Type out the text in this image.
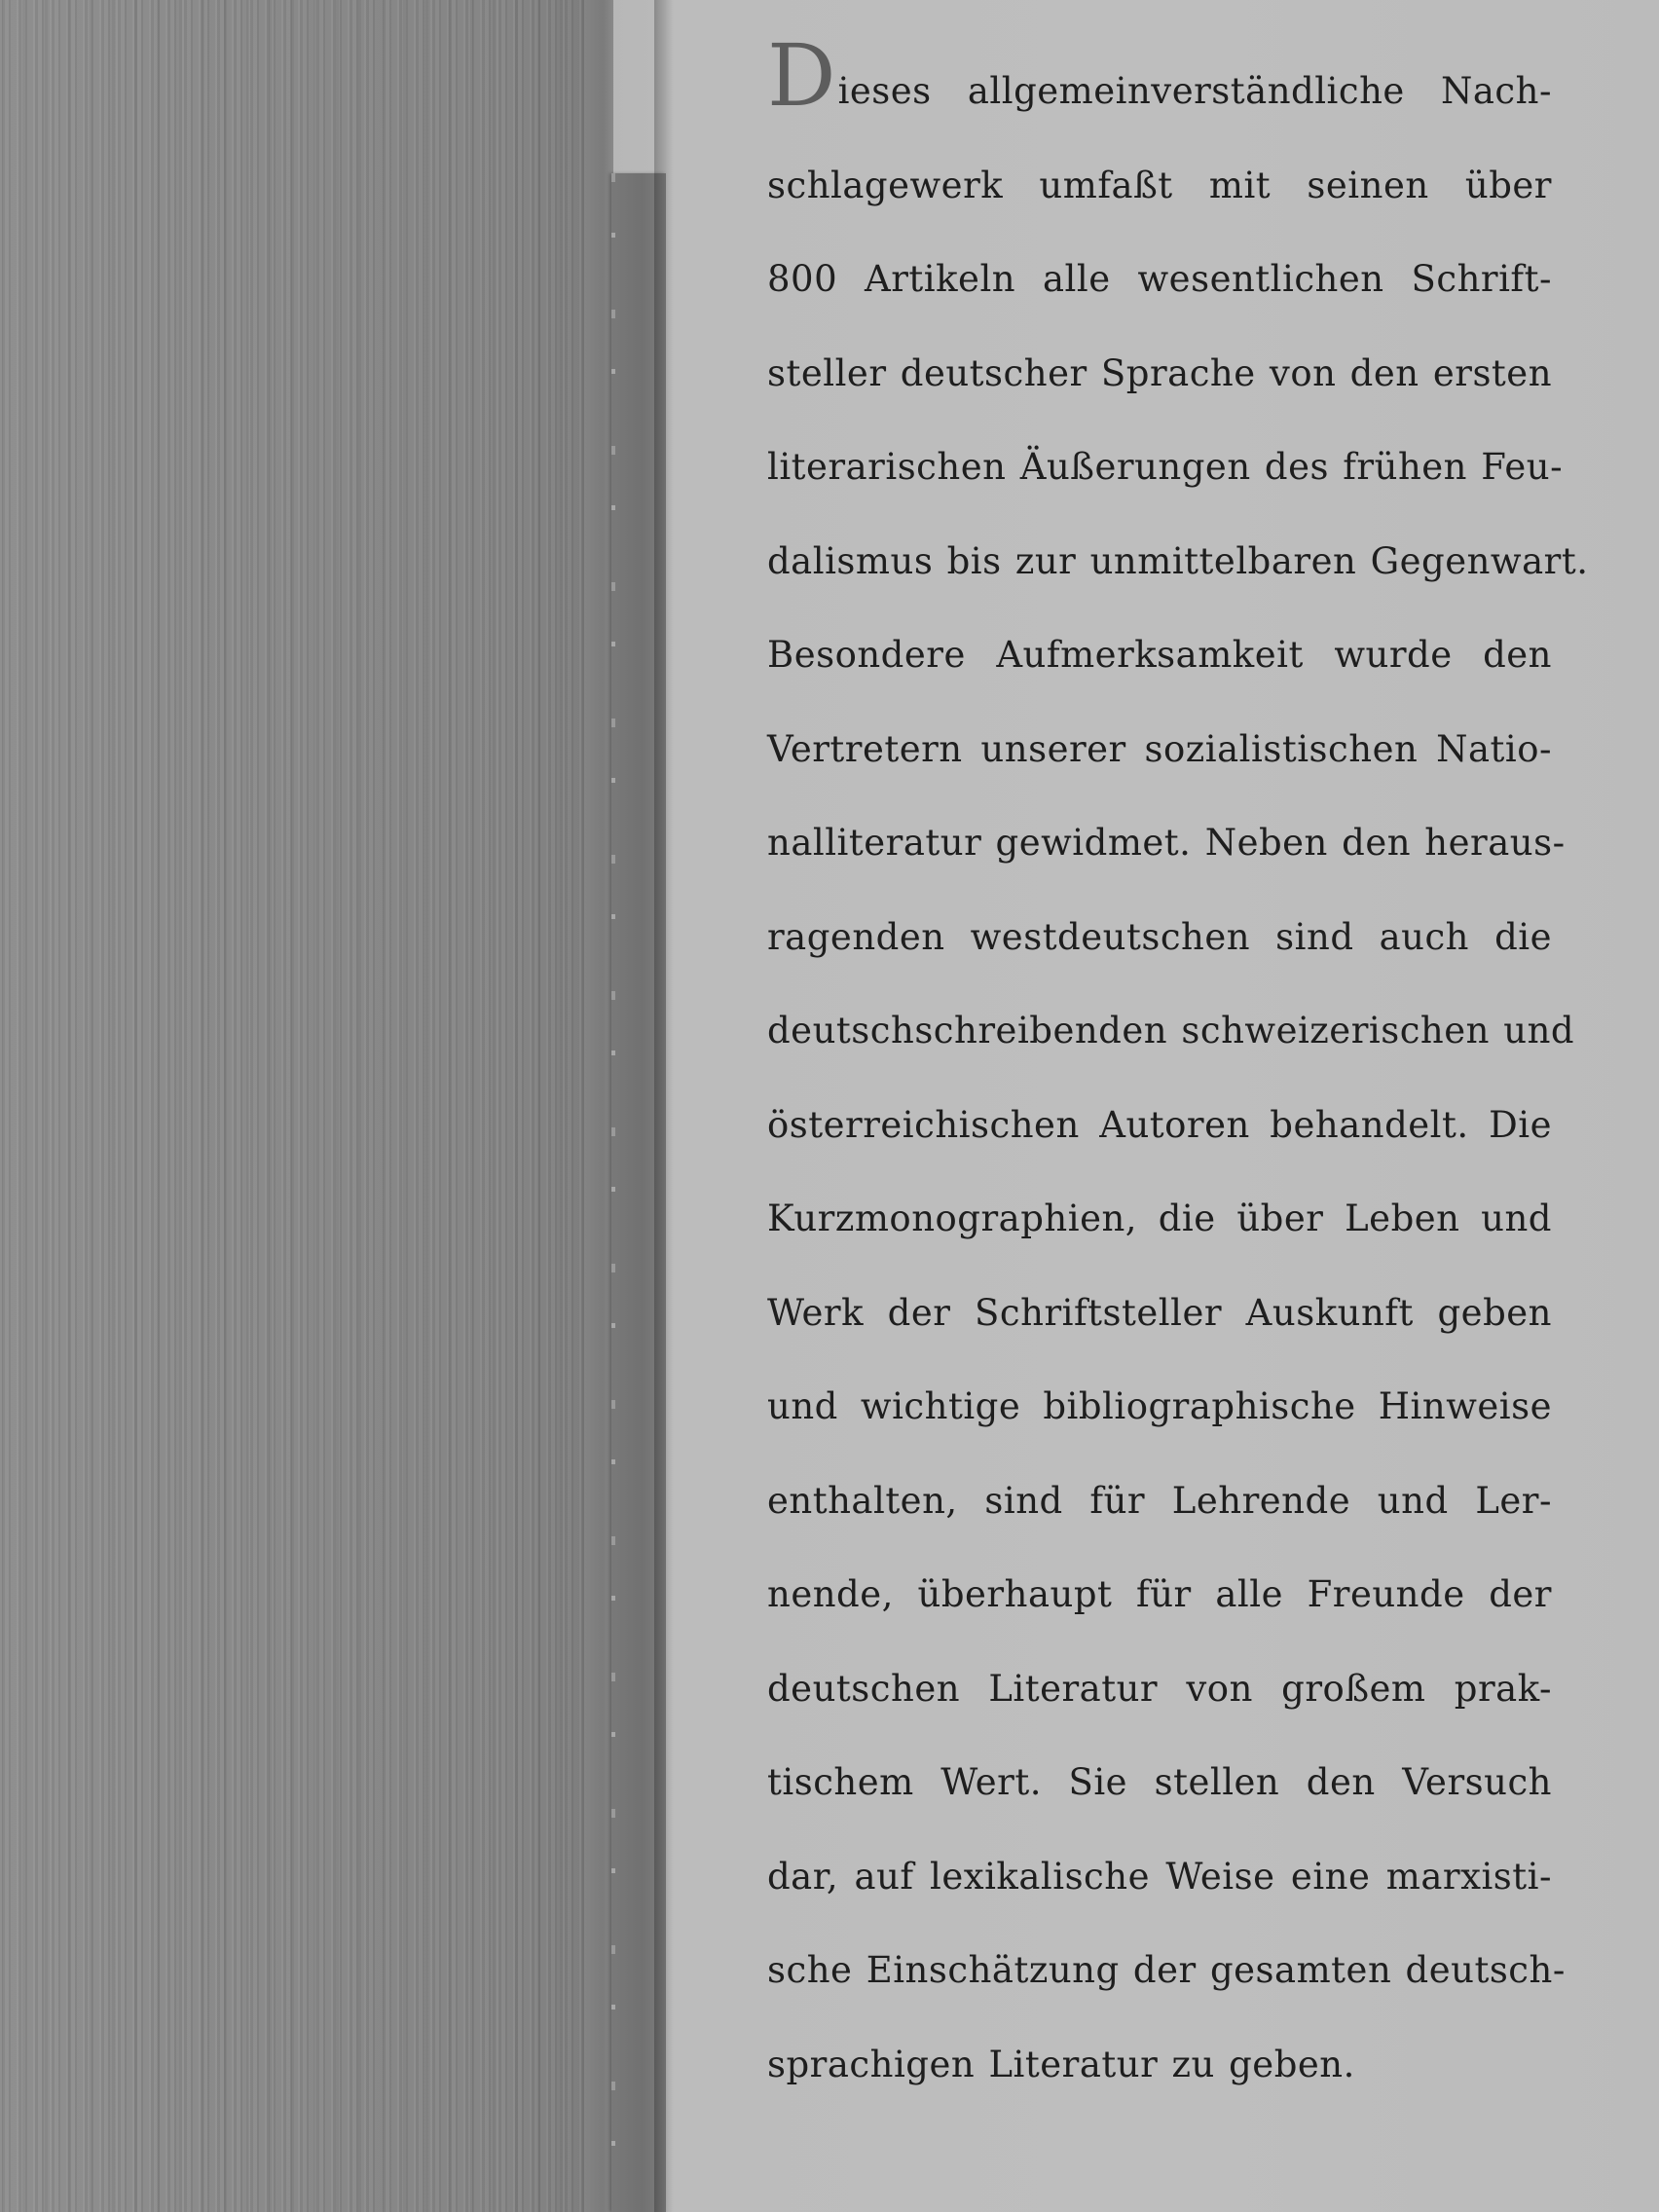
Dieses allgemeinverständliche Nach-
schlagewerk umfaßt mit seinen über
800 Artikeln alle wesentlichen Schrift-
steller deutscher Sprache von den ersten
literarischen Äußerungen des frühen Feu-
dalismus bis zur unmittelbaren Gegenwart.
Besondere Aufmerksamkeit wurde den
Vertretern unserer sozialistischen Natio-
nalliteratur gewidmet. Neben den heraus-
ragenden westdeutschen sind auch die
deutschschreibenden schweizerischen und
österreichischen Autoren behandelt. Die
Kurzmonographien, die über Leben und
Werk der Schriftsteller Auskunft geben
und wichtige bibliographische Hinweise
enthalten, sind für Lehrende und Ler-
nende, überhaupt für alle Freunde der
deutschen Literatur von großem prak-
tischem Wert. Sie stellen den Versuch
dar, auf lexikalische Weise eine marxisti-
sche Einschätzung der gesamten deutsch-
sprachigen Literatur zu geben.
